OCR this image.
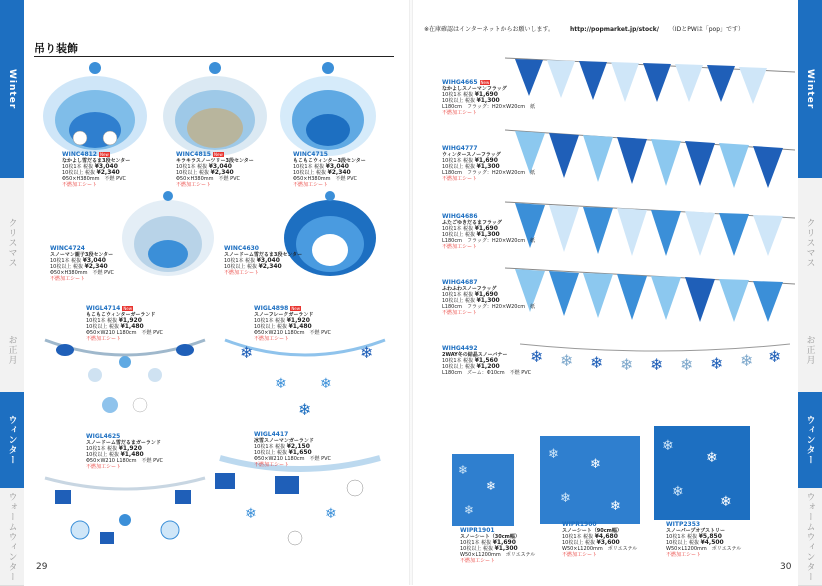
Winter
クリスマス
お正月
ウィンター
ウォームウィンター
吊り装飾
29
Winter
クリスマス
お正月
ウィンター
ウォームウィンター
※在庫確認はインターネットからお願いします。	http://popmarket.jp/stock/ （IDとPWは「pop」です）
30
❄	❄
❄ ❄
❄
❄	❄
WINC4812 New
なかよし雪だるま3段センター
10枚1本 税抜 ¥3,040
10枚以上 税抜 ¥2,340
Φ50×H380mm　不燃 PVC
不燃加工シート
WINC4815 New
キラキラスノーツリー3段センター
10枚1本 税抜 ¥3,040
10枚以上 税抜 ¥2,340
Φ50×H380mm　不燃 PVC
不燃加工シート
WINC4715
もこもこウィンター3段センター
10枚1本 税抜 ¥3,040
10枚以上 税抜 ¥2,340
Φ50×H380mm　不燃 PVC
不燃加工シート
WINC4724
スノーマン親子3段センター
10枚1本 税抜 ¥3,040
10枚以上 税抜 ¥2,340
Φ50×H380mm　不燃 PVC
不燃加工シート
WINC4630
スノードーム雪だるま3段センター
10枚1本 税抜 ¥3,040
10枚以上 税抜 ¥2,340
不燃加工シート
WIGL4714 New
もこもこウィンターガーランド
10枚1本 税抜 ¥1,920
10枚以上 税抜 ¥1,480
Φ50×W210 L180cm　不燃 PVC
不燃加工シート
WIGL4898 New
スノーフレークガーランド
10枚1本 税抜 ¥1,920
10枚以上 税抜 ¥1,480
Φ50×W210 L180cm　不燃 PVC
不燃加工シート
WIGL4625
スノードーム雪だるまガーランド
10枚1本 税抜 ¥1,920
10枚以上 税抜 ¥1,480
Φ50×W210 L180cm　不燃 PVC
不燃加工シート
WIGL4417
冰雪スノーマンガーランド
10枚1本 税抜 ¥2,150
10枚以上 税抜 ¥1,650
Φ50×W210 L180cm　不燃 PVC
不燃加工シート
❄ ❄ ❄ ❄ ❄ ❄ ❄ ❄ ❄
WIHG4665 New
なかよしスノーマンフラッグ
10枚1本 税抜 ¥1,690
10枚以上 税抜 ¥1,300
L180cm　フラッグ：H20×W20cm　紙
不燃加工シート
WIHG4777
ウィンタースノーフラッグ
10枚1本 税抜 ¥1,690
10枚以上 税抜 ¥1,300
L180cm　フラッグ：H20×W20cm　紙
不燃加工シート
WIHG4686
ふたごゆきだるまフラッグ
10枚1本 税抜 ¥1,690
10枚以上 税抜 ¥1,300
L180cm　フラッグ：H20×W20cm　紙
不燃加工シート
WIHG4687
ふわふわスノーフラッグ
10枚1本 税抜 ¥1,690
10枚以上 税抜 ¥1,300
L180cm　フラッグ：H20×W20cm　紙
不燃加工シート
WIHG4492
2WAY冬の結晶スノーバナー
10枚1本 税抜 ¥1,560
10枚以上 税抜 ¥1,200
L180cm　ズーム：Φ10cm　不燃 PVC
❄
❄
❄
❄
❄
❄
❄
❄
❄
❄
❄
WIPR1901
スノーシート（30cm幅）
10枚1本 税抜 ¥1,690
10枚以上 税抜 ¥1,300
W50×L1200mm　ポリエステル
不燃加工シート
WIPR1900
スノーシート（90cm幅）
10枚1本 税抜 ¥4,680
10枚以上 税抜 ¥3,600
W50×L1200mm　ポリエステル
不燃加工シート
WITP2353
スノーパープオブストリー
10枚1本 税抜 ¥5,850
10枚以上 税抜 ¥4,500
W50×L1200mm　ポリエステル
不燃加工シート
